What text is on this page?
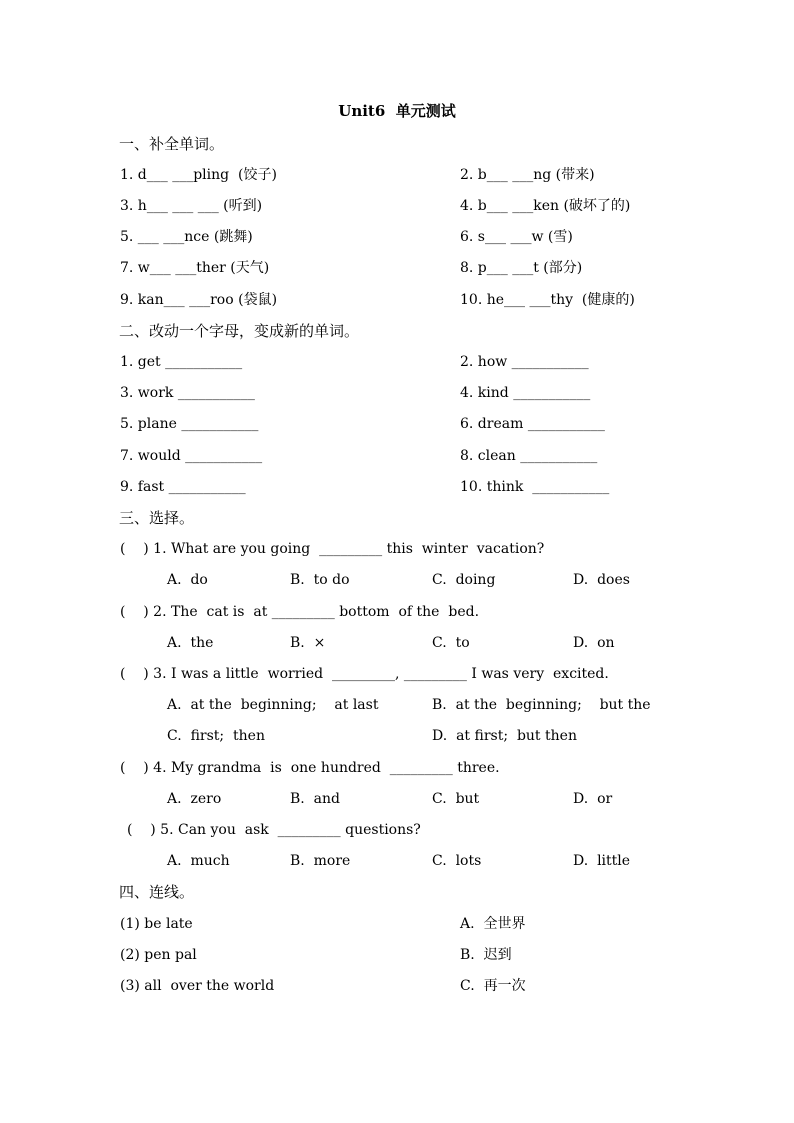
Unit6  单元测试
一、补全单词。
1. d___ ___pling  (饺子)	2. b___ ___ng (带来)
3. h___ ___ ___ (听到)	4. b___ ___ken (破坏了的)
5. ___ ___nce (跳舞)	6. s___ ___w (雪)
7. w___ ___ther (天气)	8. p___ ___t (部分)
9. kan___ ___roo (袋鼠)	10. he___ ___thy  (健康的)
二、改动一个字母，变成新的单词。
1. get ___________	2. how ___________
3. work ___________	4. kind ___________
5. plane ___________	6. dream ___________
7. would ___________	8. clean ___________
9. fast ___________	10. think  ___________
三、选择。
(    ) 1. What are you going  _________ this  winter  vacation?
A.  do	B.  to do	C.  doing	D.  does
(    ) 2. The  cat is  at _________ bottom  of the  bed.
A.  the	B.  ×	C.  to	D.  on
(    ) 3. I was a little  worried  _________, _________ I was very  excited.
A.  at the  beginning;    at last	B.  at the  beginning;    but the
C.  first;  then	D.  at first;  but then
(    ) 4. My grandma  is  one hundred  _________ three.
A.  zero	B.  and	C.  but	D.  or
(    ) 5. Can you  ask  _________ questions?
A.  much	B.  more	C.  lots	D.  little
四、连线。
(1) be late	A.  全世界
(2) pen pal	B.  迟到
(3) all  over the world	C.  再一次
